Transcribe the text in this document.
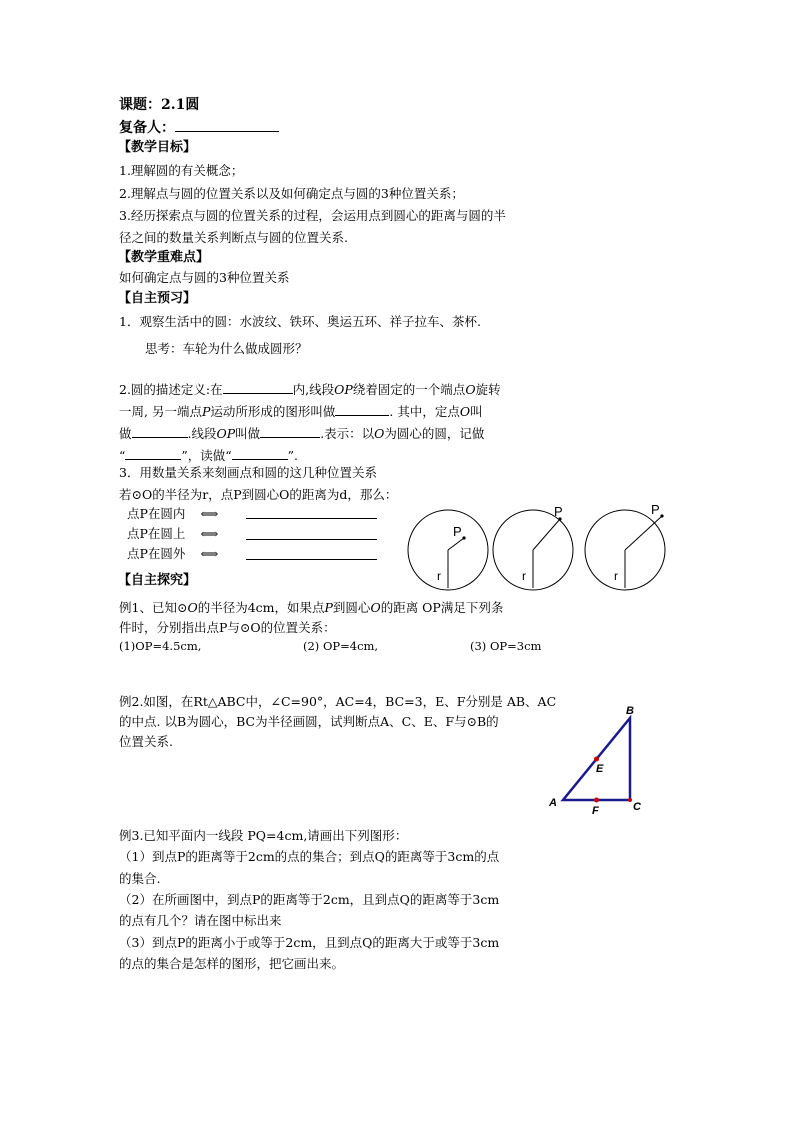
课题：2.1圆
复备人：
【教学目标】
1.理解圆的有关概念；
2.理解点与圆的位置关系以及如何确定点与圆的3种位置关系；
3.经历探索点与圆的位置关系的过程，会运用点到圆心的距离与圆的半
径之间的数量关系判断点与圆的位置关系.
【教学重难点】
如何确定点与圆的3种位置关系
【自主预习】
1．观察生活中的圆：水波纹、铁环、奥运五环、祥子拉车、茶杯.
思考：车轮为什么做成圆形？
2.圆的描述定义:在	内,线段OP绕着固定的一个端点O旋转
一周, 另一端点P运动所形成的图形叫做	. 其中，定点O叫
做	.线段OP叫做	.表示：以O为圆心的圆，记做
“	”，读做“	”.
3．用数量关系来刻画点和圆的这几种位置关系
若⊙O的半径为r，点P到圆心O的距离为d，那么：
点P在圆内 ⟺
点P在圆上 ⟺
点P在圆外 ⟺
P
r
P
r
P
r
【自主探究】
例1、已知⊙O的半径为4cm，如果点P到圆心O的距离 OP满足下列条
件时，分别指出点P与⊙O的位置关系：
(1)OP=4.5cm,	(2) OP=4cm,	(3) OP=3cm
例2.如图，在Rt△ABC中，∠C=90°，AC=4，BC=3，E、F分别是 AB、AC
的中点. 以B为圆心，BC为半径画圆，试判断点A、C、E、F与⊙B的
位置关系.
A
B
C
E
F
例3.已知平面内一线段 PQ=4cm,请画出下列图形：
（1）到点P的距离等于2cm的点的集合；到点Q的距离等于3cm的点
的集合.
（2）在所画图中，到点P的距离等于2cm，且到点Q的距离等于3cm
的点有几个？请在图中标出来
（3）到点P的距离小于或等于2cm，且到点Q的距离大于或等于3cm
的点的集合是怎样的图形，把它画出来。
